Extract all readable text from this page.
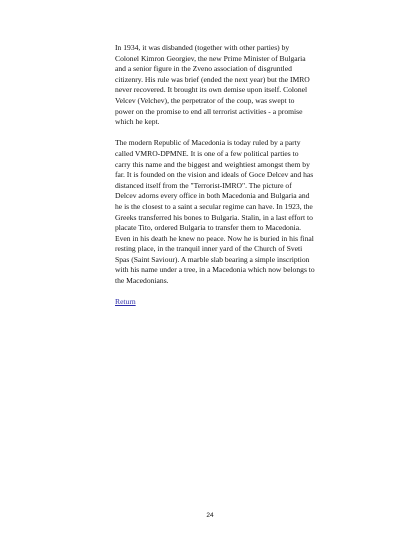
In 1934, it was disbanded (together with other parties) by Colonel Kimron Georgiev, the new Prime Minister of Bulgaria and a senior figure in the Zveno association of disgruntled citizenry. His rule was brief (ended the next year) but the IMRO never recovered. It brought its own demise upon itself. Colonel Velcev (Velchev), the perpetrator of the coup, was swept to power on the promise to end all terrorist activities - a promise which he kept.

The modern Republic of Macedonia is today ruled by a party called VMRO-DPMNE. It is one of a few political parties to carry this name and the biggest and weightiest amongst them by far. It is founded on the vision and ideals of Goce Delcev and has distanced itself from the "Terrorist-IMRO". The picture of Delcev adorns every office in both Macedonia and Bulgaria and he is the closest to a saint a secular regime can have. In 1923, the Greeks transferred his bones to Bulgaria. Stalin, in a last effort to placate Tito, ordered Bulgaria to transfer them to Macedonia. Even in his death he knew no peace. Now he is buried in his final resting place, in the tranquil inner yard of the Church of Sveti Spas (Saint Saviour). A marble slab bearing a simple inscription with his name under a tree, in a Macedonia which now belongs to the Macedonians.

Return

24
